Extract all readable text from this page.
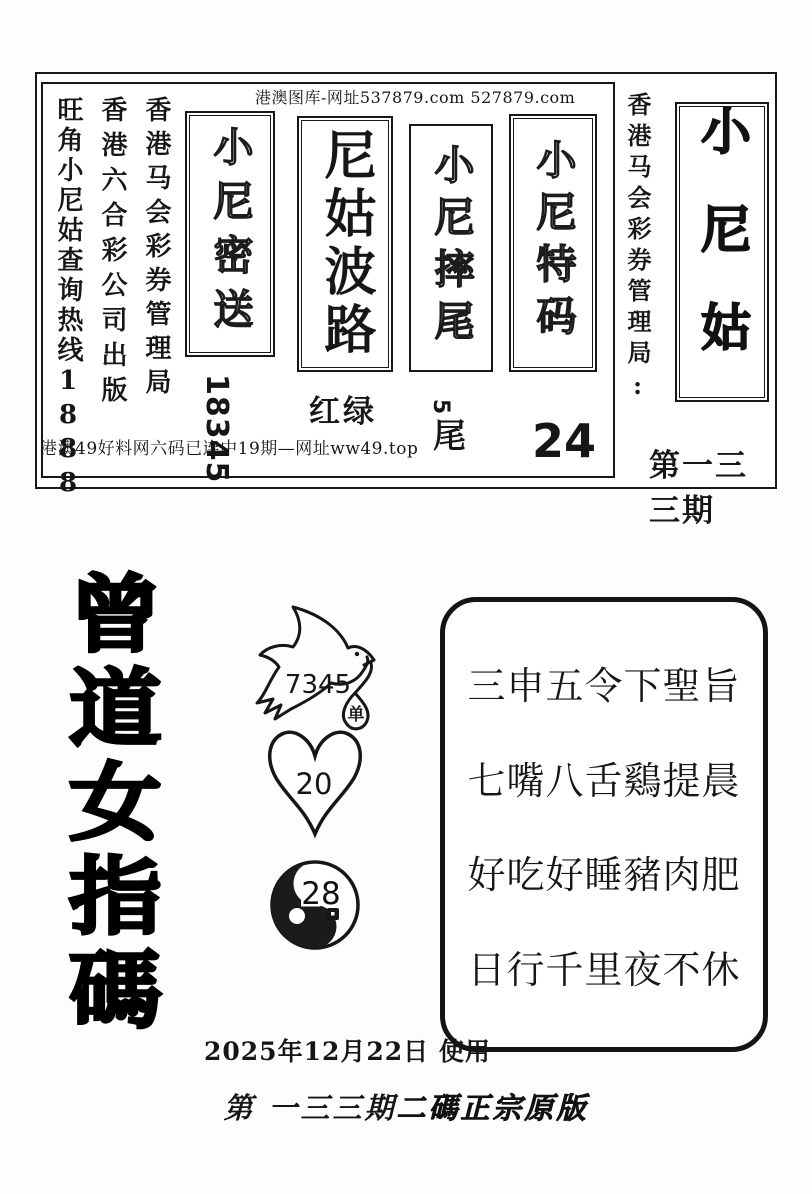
港澳图库-网址537879.com 527879.com
旺角小尼姑查询热线1888 香港六合彩公司出版 香港马会彩券管理局 小尼密送
18345
尼姑波路
红绿
小尼摔尾
5
尾
小尼特码
24
港澳49好料网六码已连中19期—网址ww49.top
香港马会彩券管理局: 小尼姑
第一三三期
曾道女指碼	7345
单
20
28
三申五令下聖旨
七嘴八舌鷄提晨
好吃好睡豬肉肥
日行千里夜不休
2025年12月22日 使用
第 一三三期二碼正宗原版
